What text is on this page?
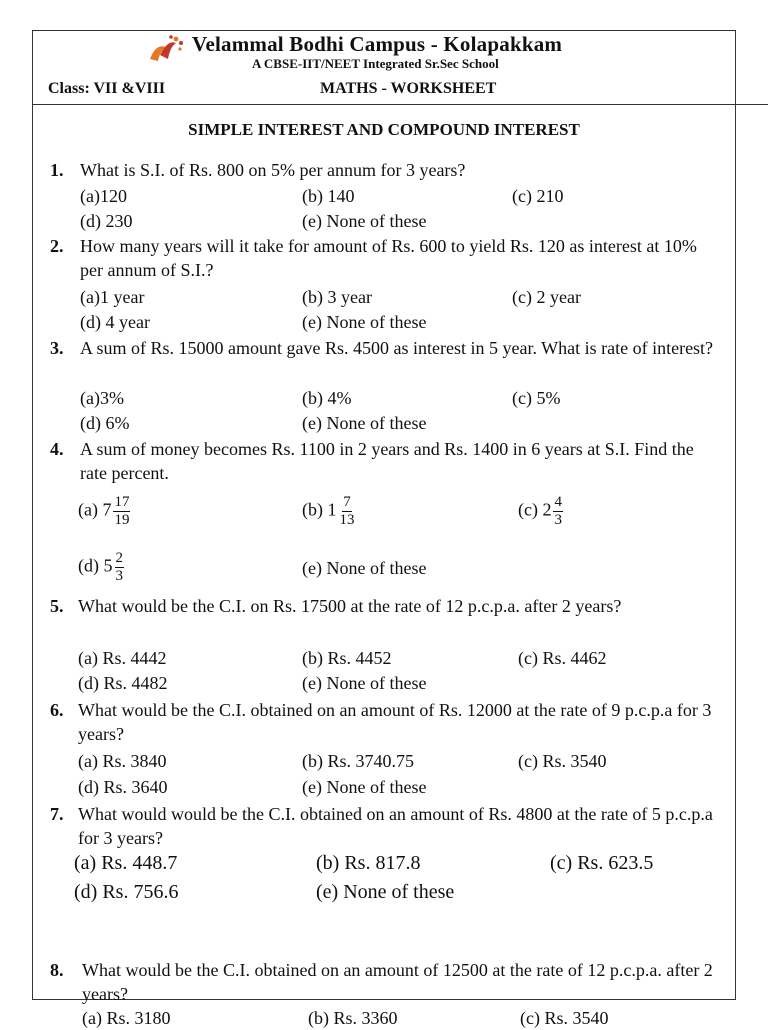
Velammal Bodhi Campus - Kolapakkam
A CBSE-IIT/NEET Integrated Sr.Sec School
Class: VII &VIII	MATHS - WORKSHEET
SIMPLE INTEREST AND COMPOUND INTEREST
1. What is S.I. of Rs. 800 on 5% per annum for 3 years?
(a)120	(b) 140	(c) 210
(d) 230	(e) None of these
2. How many years will it take for amount of Rs. 600 to yield Rs. 120 as interest at 10% per annum of S.I.?
(a)1 year	(b) 3 year	(c) 2 year
(d) 4 year	(e) None of these
3. A sum of Rs. 15000 amount gave Rs. 4500 as interest in 5 year. What is rate of interest?
(a)3%	(b) 4%	(c) 5%
(d) 6%	(e) None of these
4. A sum of money becomes Rs. 1100 in 2 years and Rs. 1400 in 6 years at S.I. Find the rate percent.
(a) $7 \frac{17}{19}$	(b) $1 \frac{7}{13}$	(c) $2 \frac{4}{3}$
(d) $5 \frac{2}{3}$	(e) None of these
5. What would be the C.I. on Rs. 17500 at the rate of 12 p.c.p.a. after 2 years?
(a) Rs. 4442	(b) Rs. 4452	(c) Rs. 4462
(d) Rs. 4482	(e) None of these
6. What would be the C.I. obtained on an amount of Rs. 12000 at the rate of 9 p.c.p.a for 3 years?
(a) Rs. 3840	(b) Rs. 3740.75	(c) Rs. 3540
(d) Rs. 3640	(e) None of these
7. What would would be the C.I. obtained on an amount of Rs. 4800 at the rate of 5 p.c.p.a for 3 years?
(a) Rs. 448.7	(b) Rs. 817.8	(c) Rs. 623.5
(d) Rs. 756.6	(e) None of these
8. What would be the C.I. obtained on an amount of 12500 at the rate of 12 p.c.p.a. after 2 years?
(a) Rs. 3180	(b) Rs. 3360	(c) Rs. 3540
